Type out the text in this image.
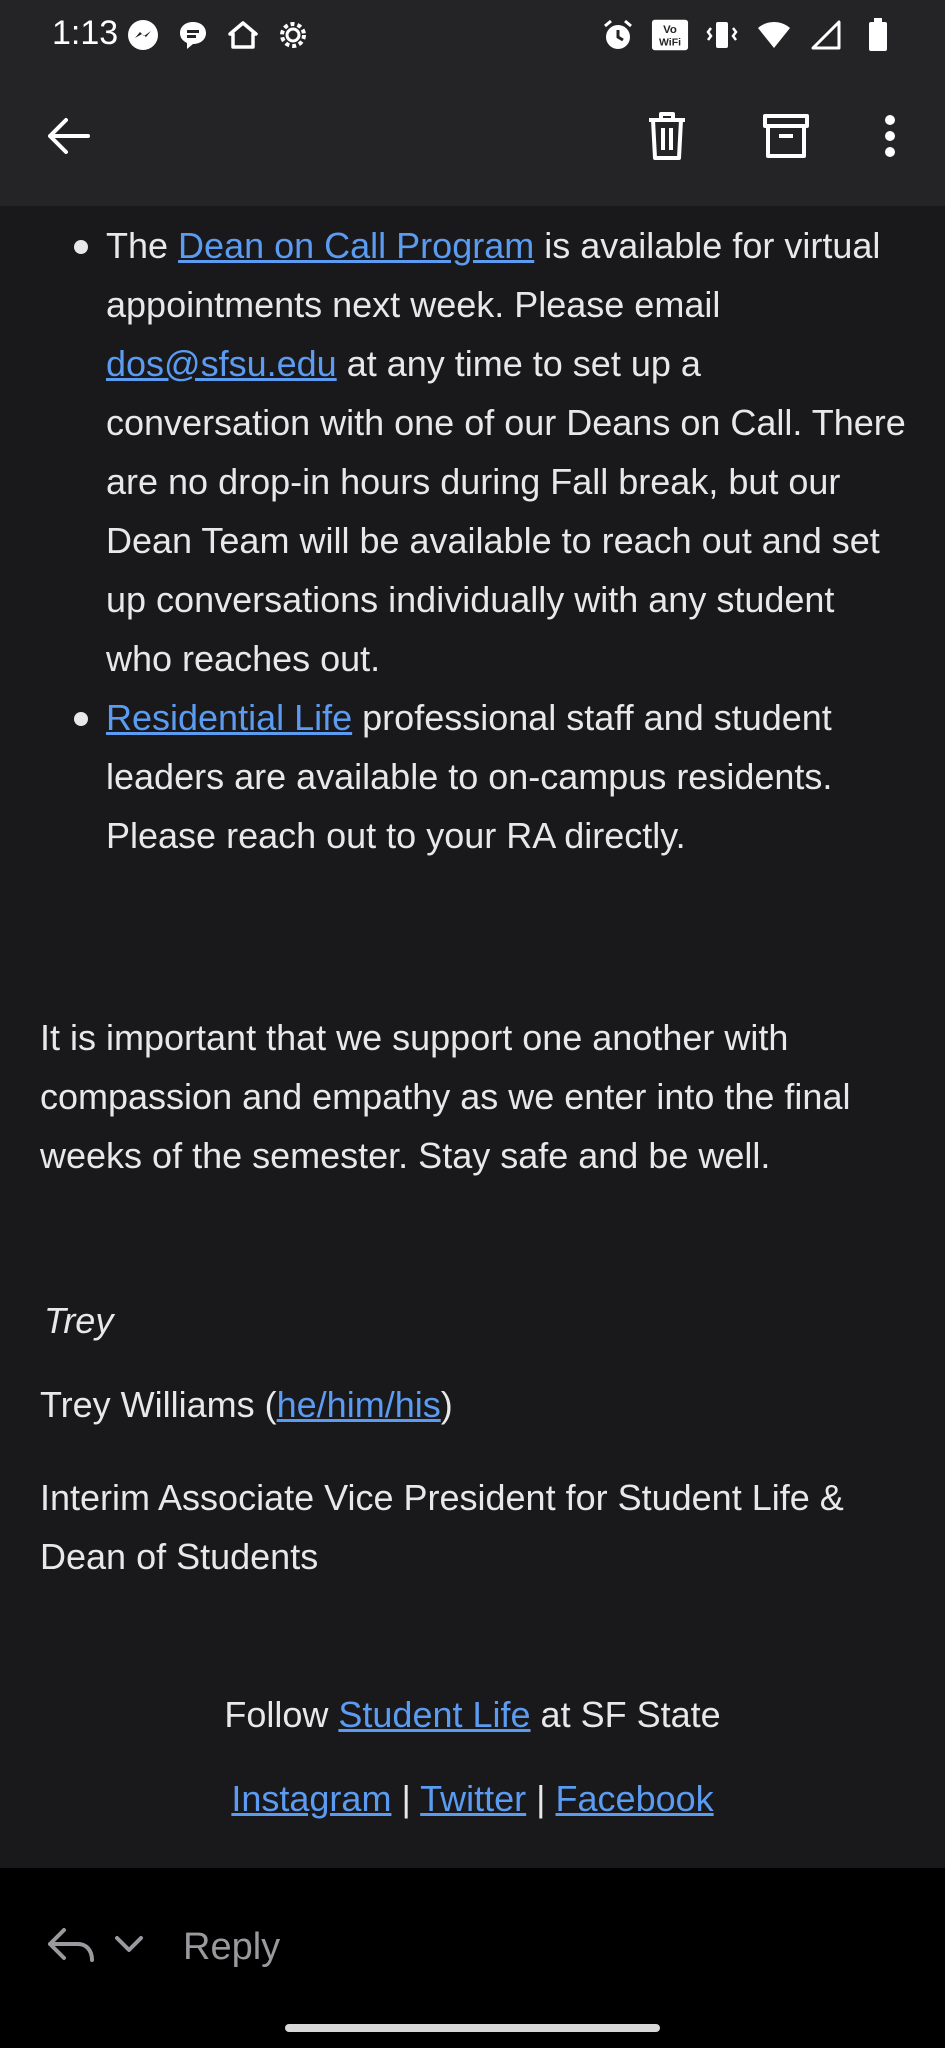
1:13	Vo
WiFi
The Dean on Call Program is available for virtual appointments next week. Please email dos@sfsu.edu at any time to set up a conversation with one of our Deans on Call. There are no drop-in hours during Fall break, but our Dean Team will be available to reach out and set up conversations individually with any student who reaches out.
Residential Life professional staff and student leaders are available to on-campus residents. Please reach out to your RA directly.
It is important that we support one another with compassion and empathy as we enter into the final weeks of the semester. Stay safe and be well.
Trey
Trey Williams (he/him/his)
Interim Associate Vice President for Student Life & Dean of Students
Follow Student Life at SF State
Instagram | Twitter | Facebook
Reply
